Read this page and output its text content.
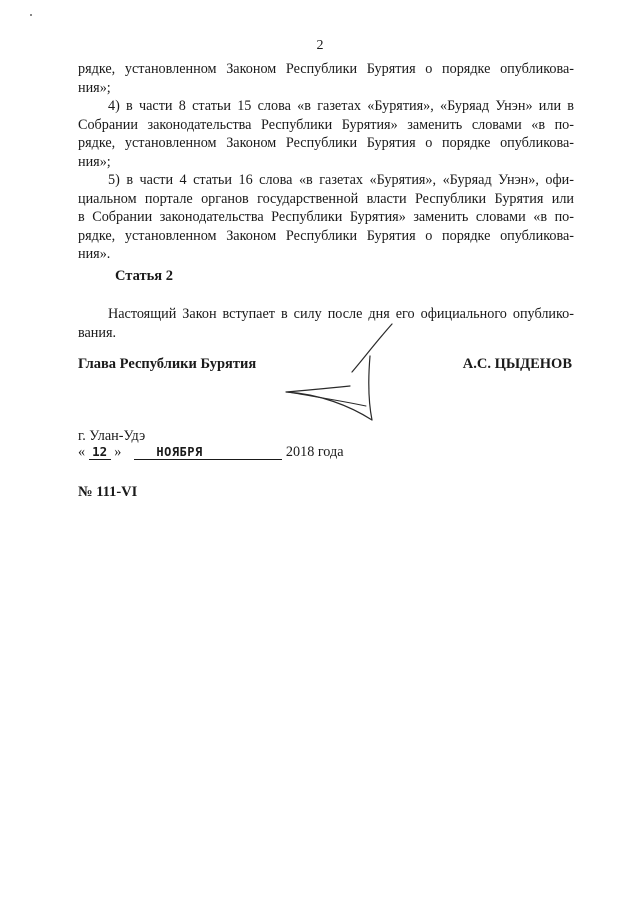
2
рядке, установленном Законом Республики Бурятия о порядке опубликова-
ния»;
4) в части 8 статьи 15 слова «в газетах «Бурятия», «Буряад Унэн» или в
Собрании законодательства Республики Бурятия» заменить словами «в по-
рядке, установленном Законом Республики Бурятия о порядке опубликова-
ния»;
5) в части 4 статьи 16 слова «в газетах «Бурятия», «Буряад Унэн», офи-
циальном портале органов государственной власти Республики Бурятия или
в Собрании законодательства Республики Бурятия» заменить словами «в по-
рядке, установленном Законом Республики Бурятия о порядке опубликова-
ния».
Статья 2
Настоящий Закон вступает в силу после дня его официального опублико-
вания.
Глава Республики Бурятия	А.С. ЦЫДЕНОВ
г. Улан-Удэ
« 12 »	НОЯБРЯ	2018 года
№ 111-VI
